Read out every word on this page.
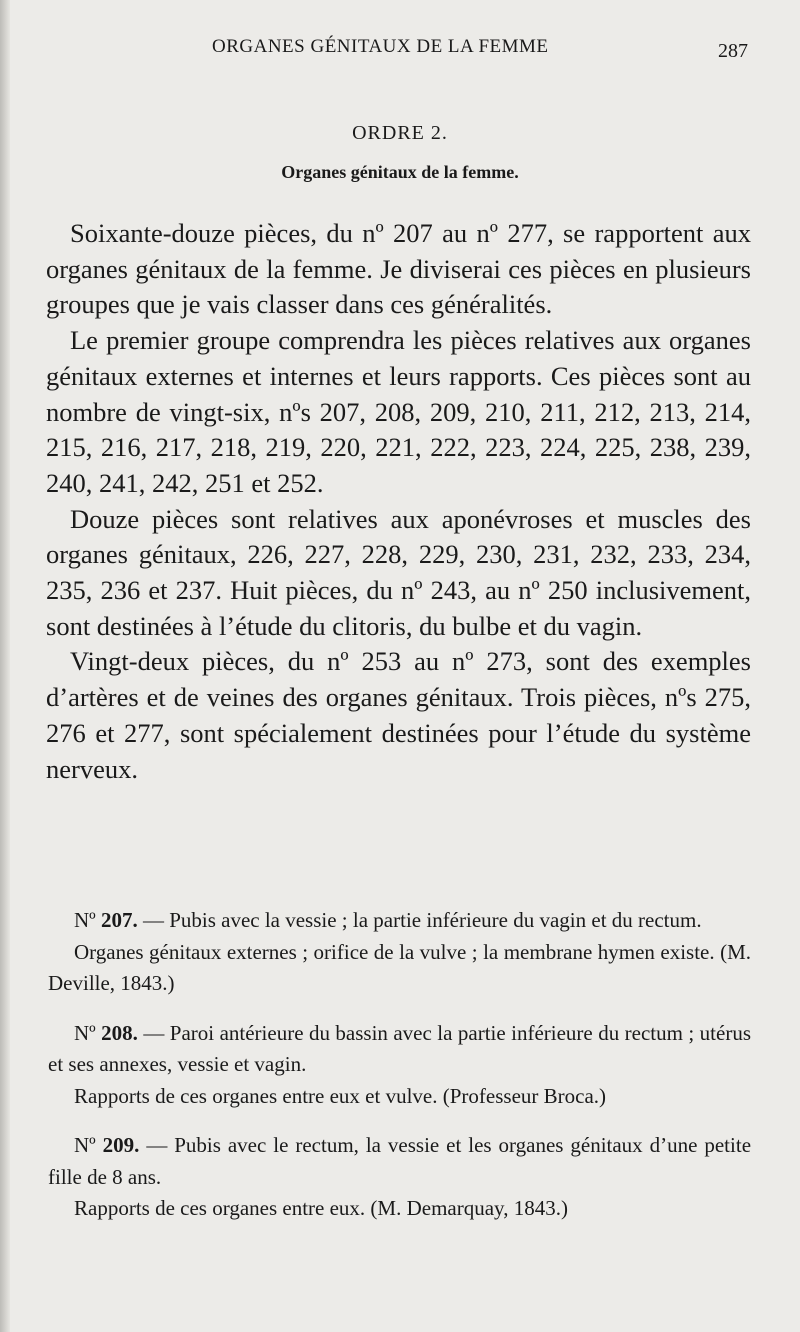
ORGANES GÉNITAUX DE LA FEMME	287
ORDRE 2.
Organes génitaux de la femme.

Soixante-douze pièces, du nº 207 au nº 277, se rapportent aux organes génitaux de la femme. Je diviserai ces pièces en plusieurs groupes que je vais classer dans ces généralités.

Le premier groupe comprendra les pièces relatives aux organes génitaux externes et internes et leurs rapports. Ces pièces sont au nombre de vingt-six, nºs 207, 208, 209, 210, 211, 212, 213, 214, 215, 216, 217, 218, 219, 220, 221, 222, 223, 224, 225, 238, 239, 240, 241, 242, 251 et 252.

Douze pièces sont relatives aux aponévroses et muscles des organes génitaux, 226, 227, 228, 229, 230, 231, 232, 233, 234, 235, 236 et 237. Huit pièces, du nº 243, au nº 250 inclusivement, sont destinées à l’étude du clitoris, du bulbe et du vagin.

Vingt-deux pièces, du nº 253 au nº 273, sont des exemples d’artères et de veines des organes génitaux. Trois pièces, nºs 275, 276 et 277, sont spécialement destinées pour l’étude du système nerveux.

Nº 207. — Pubis avec la vessie ; la partie inférieure du vagin et du rectum.

Organes génitaux externes ; orifice de la vulve ; la membrane hymen existe. (M. Deville, 1843.)

Nº 208. — Paroi antérieure du bassin avec la partie inférieure du rectum ; utérus et ses annexes, vessie et vagin.

Rapports de ces organes entre eux et vulve. (Professeur Broca.)

Nº 209. — Pubis avec le rectum, la vessie et les organes génitaux d’une petite fille de 8 ans.

Rapports de ces organes entre eux. (M. Demarquay, 1843.)
